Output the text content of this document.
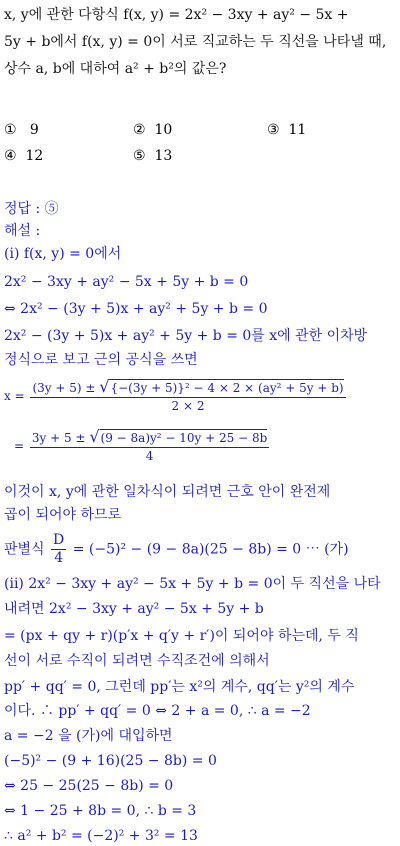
x, y에 관한 다항식 f(x, y) = 2x² − 3xy + ay² − 5x +
5y + b에서 f(x, y) = 0이 서로 직교하는 두 직선을 나타낼 때,
상수 a, b에 대하여 a² + b²의 값은?
① 9	② 10	③ 11
④ 12	⑤ 13
정답 : ⑤
해설 :
(i) f(x, y) = 0에서
2x² − 3xy + ay² − 5x + 5y + b = 0
⇔ 2x² − (3y + 5)x + ay² + 5y + b = 0
2x² − (3y + 5)x + ay² + 5y + b = 0를 x에 관한 이차방
정식으로 보고 근의 공식을 쓰면
$x = \frac{\text{(3y + 5) ± √\{−(3y + 5)\}² − 4 × 2 × (ay² + 5y + b)}}{2 \times 2}$
= $\frac{\text{3y + 5 ± √(9 − 8a)y² − 10y + 25 − 8b}}{4}$
이것이 x, y에 관한 일차식이 되려면 근호 안이 완전제
곱이 되어야 하므로
판별식 $\frac{D}{4} = (-5)^2 - (9 - 8a)(25 - 8b) = 0$ ⋯ (가)
(ii) 2x² − 3xy + ay² − 5x + 5y + b = 0이 두 직선을 나타
내려면 2x² − 3xy + ay² − 5x + 5y + b
= (px + qy + r)(p′x + q′y + r′)이 되어야 하는데, 두 직
선이 서로 수직이 되려면 수직조건에 의해서
pp′ + qq′ = 0, 그런데 pp′는 x²의 계수, qq′는 y²의 계수
이다. ∴ pp′ + qq′ = 0 ⇔ 2 + a = 0, ∴ a = −2
a = −2 을 (가)에 대입하면
(−5)² − (9 + 16)(25 − 8b) = 0
⇔ 25 − 25(25 − 8b) = 0
⇔ 1 − 25 + 8b = 0, ∴ b = 3
∴ a² + b² = (−2)² + 3² = 13
